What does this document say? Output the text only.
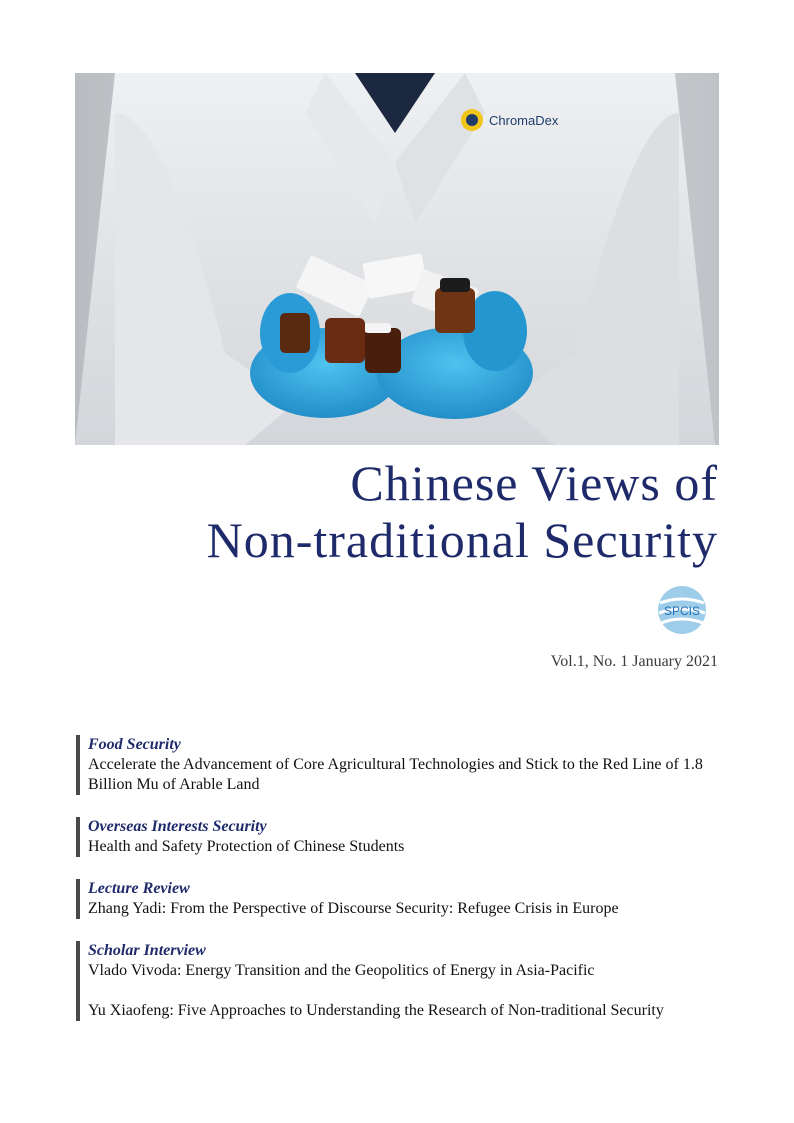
ChromaDex
Chinese Views of
Non-traditional Security
SPCIS
Vol.1, No. 1 January 2021
Food Security
Accelerate the Advancement of Core Agricultural Technologies and Stick to the Red Line of 1.8 Billion Mu of Arable Land
Overseas Interests Security
Health and Safety Protection of Chinese Students
Lecture Review
Zhang Yadi: From the Perspective of Discourse Security: Refugee Crisis in Europe
Scholar Interview
Vlado Vivoda: Energy Transition and the Geopolitics of Energy in Asia-Pacific
Yu Xiaofeng: Five Approaches to Understanding the Research of Non-traditional Security
